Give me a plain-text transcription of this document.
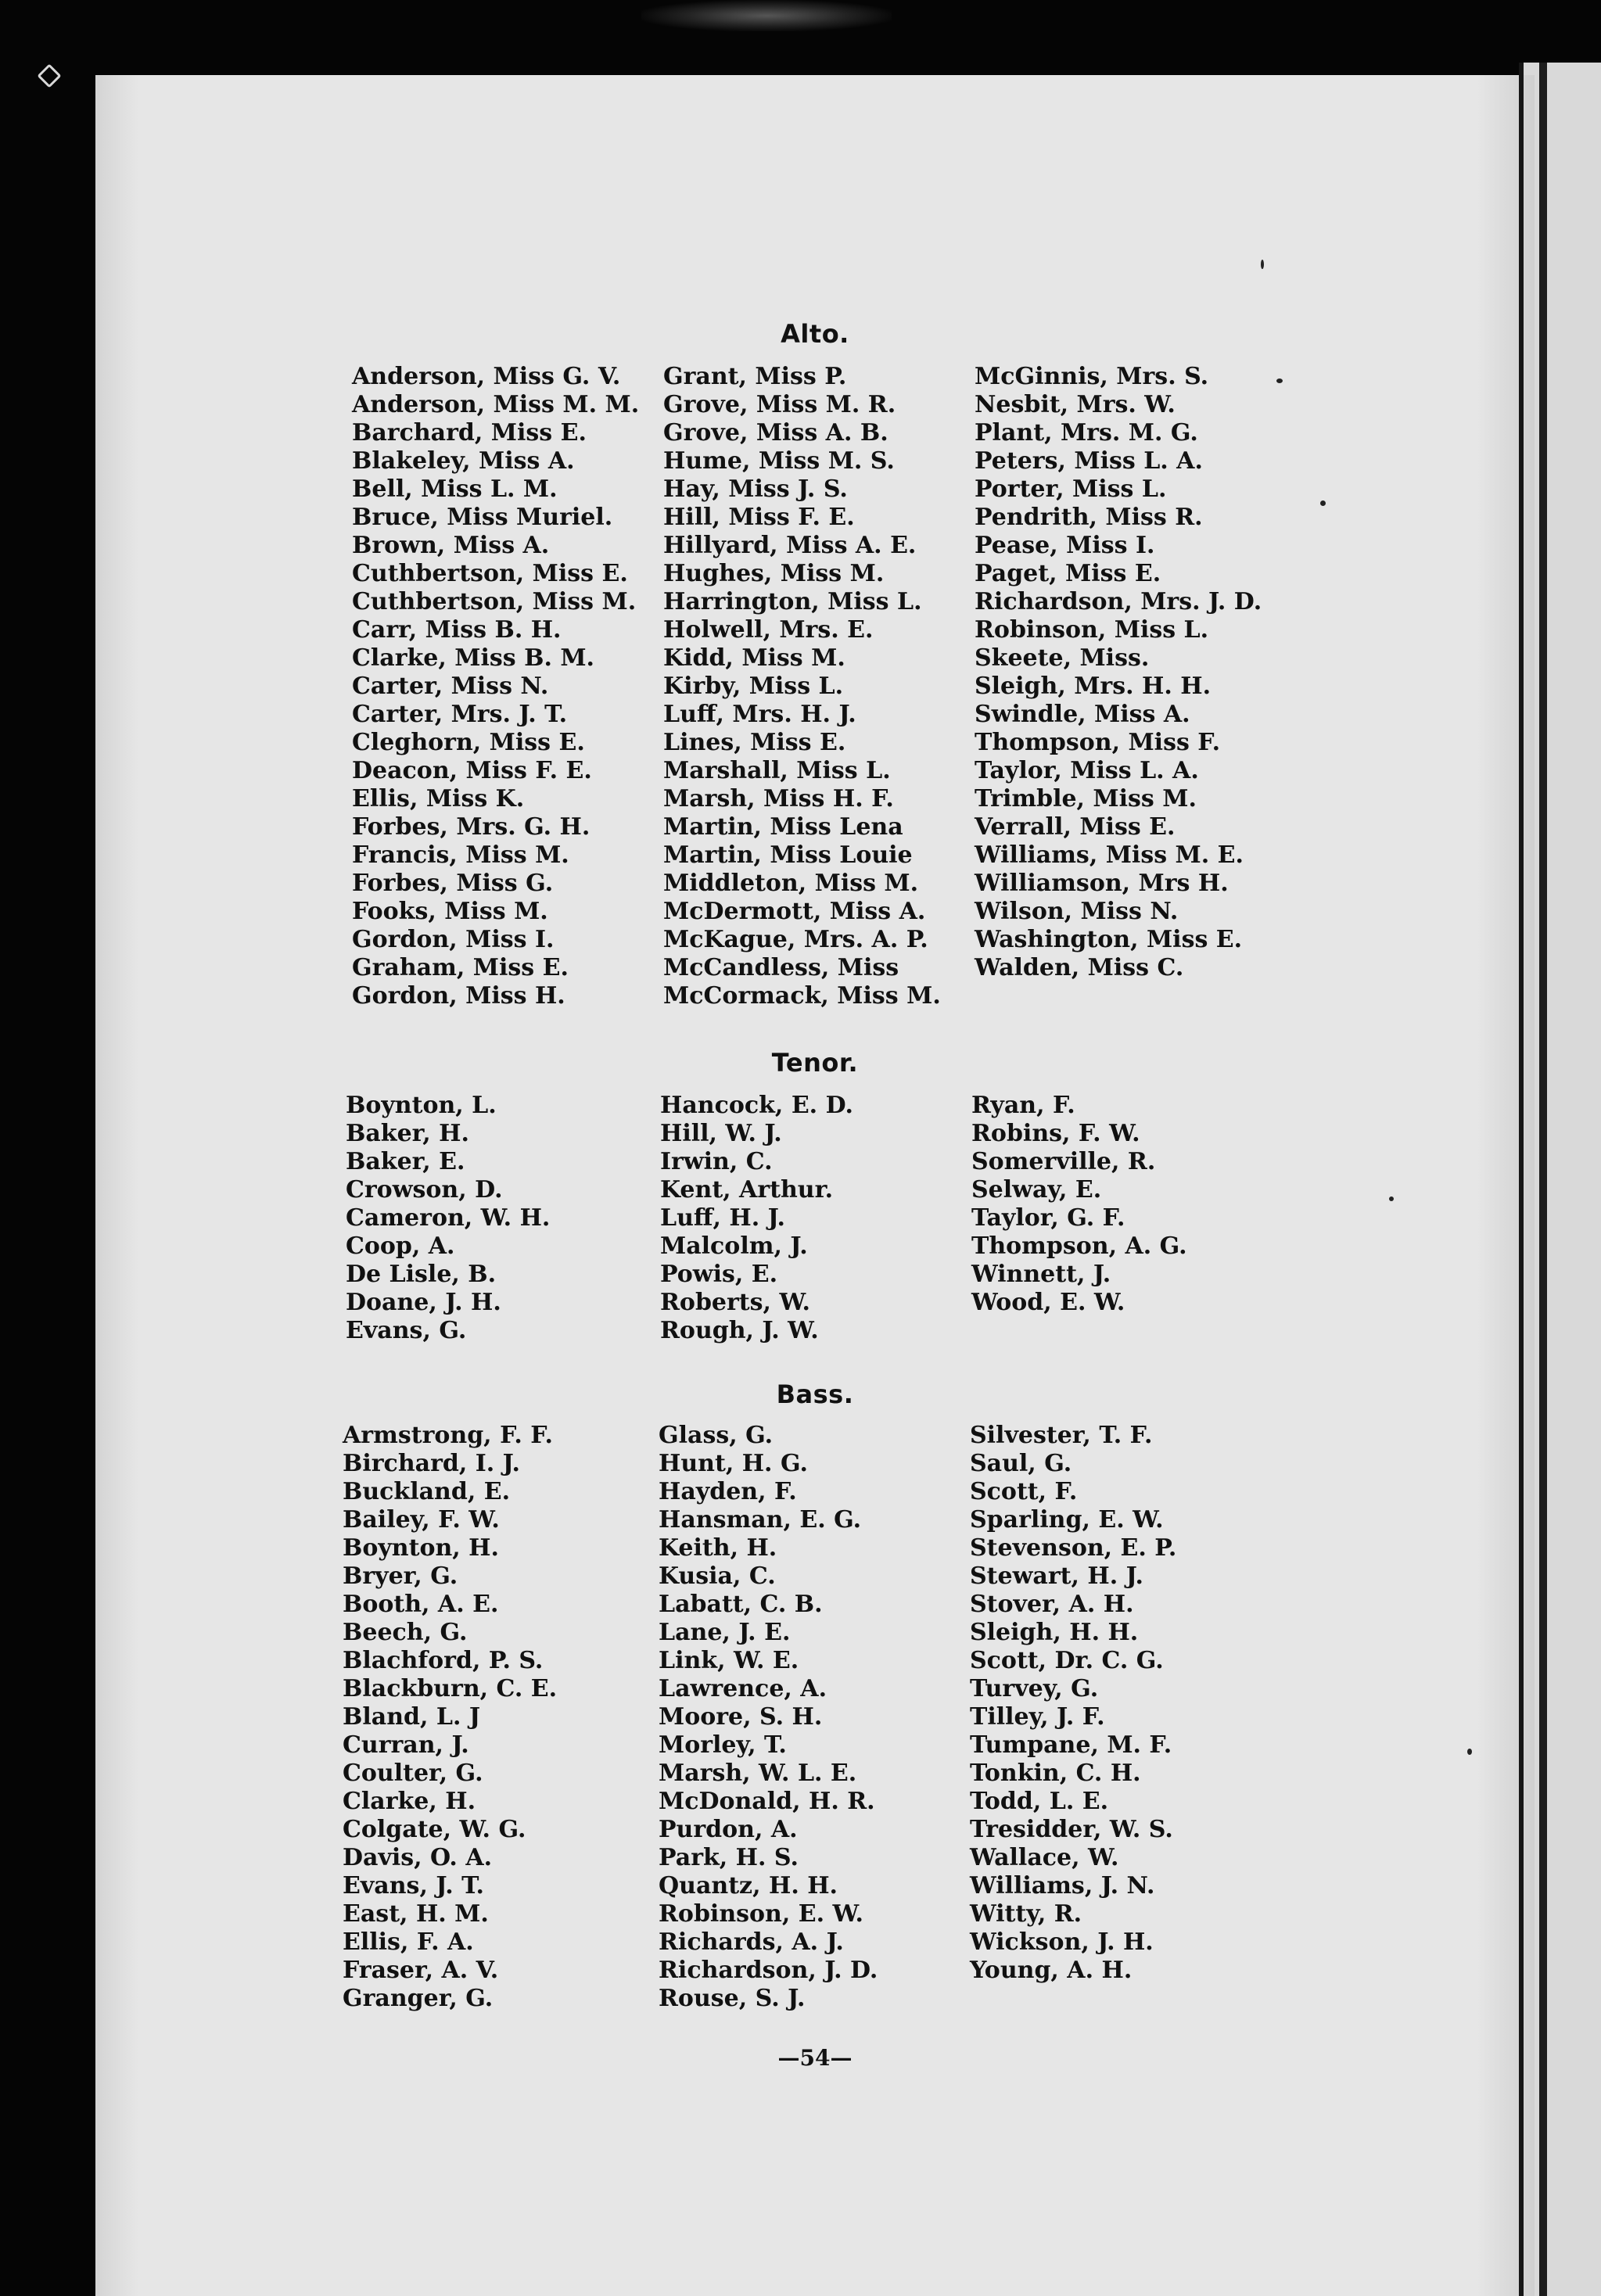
Alto.
Anderson, Miss G. V.
Anderson, Miss M. M.
Barchard, Miss E.
Blakeley, Miss A.
Bell, Miss L. M.
Bruce, Miss Muriel.
Brown, Miss A.
Cuthbertson, Miss E.
Cuthbertson, Miss M.
Carr, Miss B. H.
Clarke, Miss B. M.
Carter, Miss N.
Carter, Mrs. J. T.
Cleghorn, Miss E.
Deacon, Miss F. E.
Ellis, Miss K.
Forbes, Mrs. G. H.
Francis, Miss M.
Forbes, Miss G.
Fooks, Miss M.
Gordon, Miss I.
Graham, Miss E.
Gordon, Miss H.
Grant, Miss P.
Grove, Miss M. R.
Grove, Miss A. B.
Hume, Miss M. S.
Hay, Miss J. S.
Hill, Miss F. E.
Hillyard, Miss A. E.
Hughes, Miss M.
Harrington, Miss L.
Holwell, Mrs. E.
Kidd, Miss M.
Kirby, Miss L.
Luff, Mrs. H. J.
Lines, Miss E.
Marshall, Miss L.
Marsh, Miss H. F.
Martin, Miss Lena
Martin, Miss Louie
Middleton, Miss M.
McDermott, Miss A.
McKague, Mrs. A. P.
McCandless, Miss
McCormack, Miss M.
McGinnis, Mrs. S.
Nesbit, Mrs. W.
Plant, Mrs. M. G.
Peters, Miss L. A.
Porter, Miss L.
Pendrith, Miss R.
Pease, Miss I.
Paget, Miss E.
Richardson, Mrs. J. D.
Robinson, Miss L.
Skeete, Miss.
Sleigh, Mrs. H. H.
Swindle, Miss A.
Thompson, Miss F.
Taylor, Miss L. A.
Trimble, Miss M.
Verrall, Miss E.
Williams, Miss M. E.
Williamson, Mrs H.
Wilson, Miss N.
Washington, Miss E.
Walden, Miss C.
Tenor.
Boynton, L.
Baker, H.
Baker, E.
Crowson, D.
Cameron, W. H.
Coop, A.
De Lisle, B.
Doane, J. H.
Evans, G.
Hancock, E. D.
Hill, W. J.
Irwin, C.
Kent, Arthur.
Luff, H. J.
Malcolm, J.
Powis, E.
Roberts, W.
Rough, J. W.
Ryan, F.
Robins, F. W.
Somerville, R.
Selway, E.
Taylor, G. F.
Thompson, A. G.
Winnett, J.
Wood, E. W.
Bass.
Armstrong, F. F.
Birchard, I. J.
Buckland, E.
Bailey, F. W.
Boynton, H.
Bryer, G.
Booth, A. E.
Beech, G.
Blachford, P. S.
Blackburn, C. E.
Bland, L. J
Curran, J.
Coulter, G.
Clarke, H.
Colgate, W. G.
Davis, O. A.
Evans, J. T.
East, H. M.
Ellis, F. A.
Fraser, A. V.
Granger, G.
Glass, G.
Hunt, H. G.
Hayden, F.
Hansman, E. G.
Keith, H.
Kusia, C.
Labatt, C. B.
Lane, J. E.
Link, W. E.
Lawrence, A.
Moore, S. H.
Morley, T.
Marsh, W. L. E.
McDonald, H. R.
Purdon, A.
Park, H. S.
Quantz, H. H.
Robinson, E. W.
Richards, A. J.
Richardson, J. D.
Rouse, S. J.
Silvester, T. F.
Saul, G.
Scott, F.
Sparling, E. W.
Stevenson, E. P.
Stewart, H. J.
Stover, A. H.
Sleigh, H. H.
Scott, Dr. C. G.
Turvey, G.
Tilley, J. F.
Tumpane, M. F.
Tonkin, C. H.
Todd, L. E.
Tresidder, W. S.
Wallace, W.
Williams, J. N.
Witty, R.
Wickson, J. H.
Young, A. H.
—54—
